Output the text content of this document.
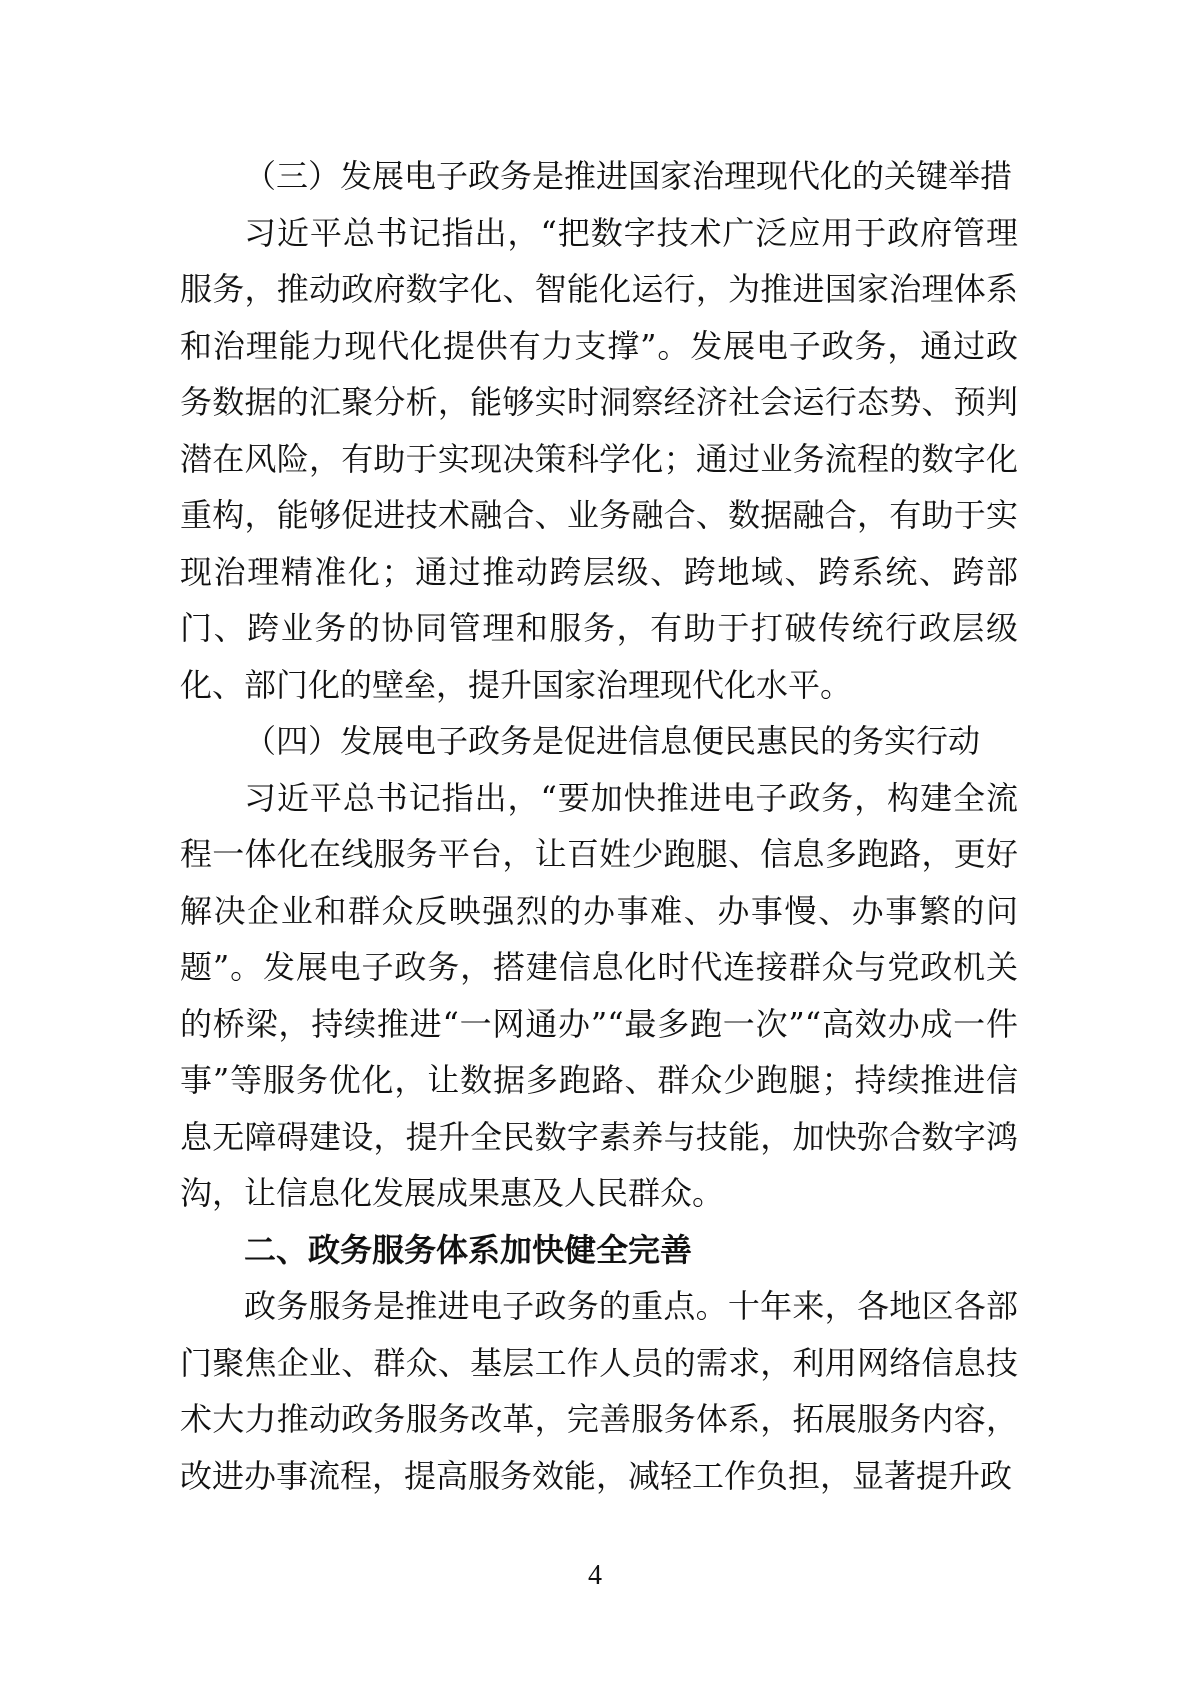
（三）发展电子政务是推进国家治理现代化的关键举措

习近平总书记指出，“把数字技术广泛应用于政府管理服务，推动政府数字化、智能化运行，为推进国家治理体系和治理能力现代化提供有力支撑”。发展电子政务，通过政务数据的汇聚分析，能够实时洞察经济社会运行态势、预判潜在风险，有助于实现决策科学化；通过业务流程的数字化重构，能够促进技术融合、业务融合、数据融合，有助于实现治理精准化；通过推动跨层级、跨地域、跨系统、跨部门、跨业务的协同管理和服务，有助于打破传统行政层级化、部门化的壁垒，提升国家治理现代化水平。

（四）发展电子政务是促进信息便民惠民的务实行动

习近平总书记指出，“要加快推进电子政务，构建全流程一体化在线服务平台，让百姓少跑腿、信息多跑路，更好解决企业和群众反映强烈的办事难、办事慢、办事繁的问题”。发展电子政务，搭建信息化时代连接群众与党政机关的桥梁，持续推进“一网通办”“最多跑一次”“高效办成一件事”等服务优化，让数据多跑路、群众少跑腿；持续推进信息无障碍建设，提升全民数字素养与技能，加快弥合数字鸿沟，让信息化发展成果惠及人民群众。

二、政务服务体系加快健全完善

政务服务是推进电子政务的重点。十年来，各地区各部门聚焦企业、群众、基层工作人员的需求，利用网络信息技术大力推动政务服务改革，完善服务体系，拓展服务内容，改进办事流程，提高服务效能，减轻工作负担，显著提升政

4
